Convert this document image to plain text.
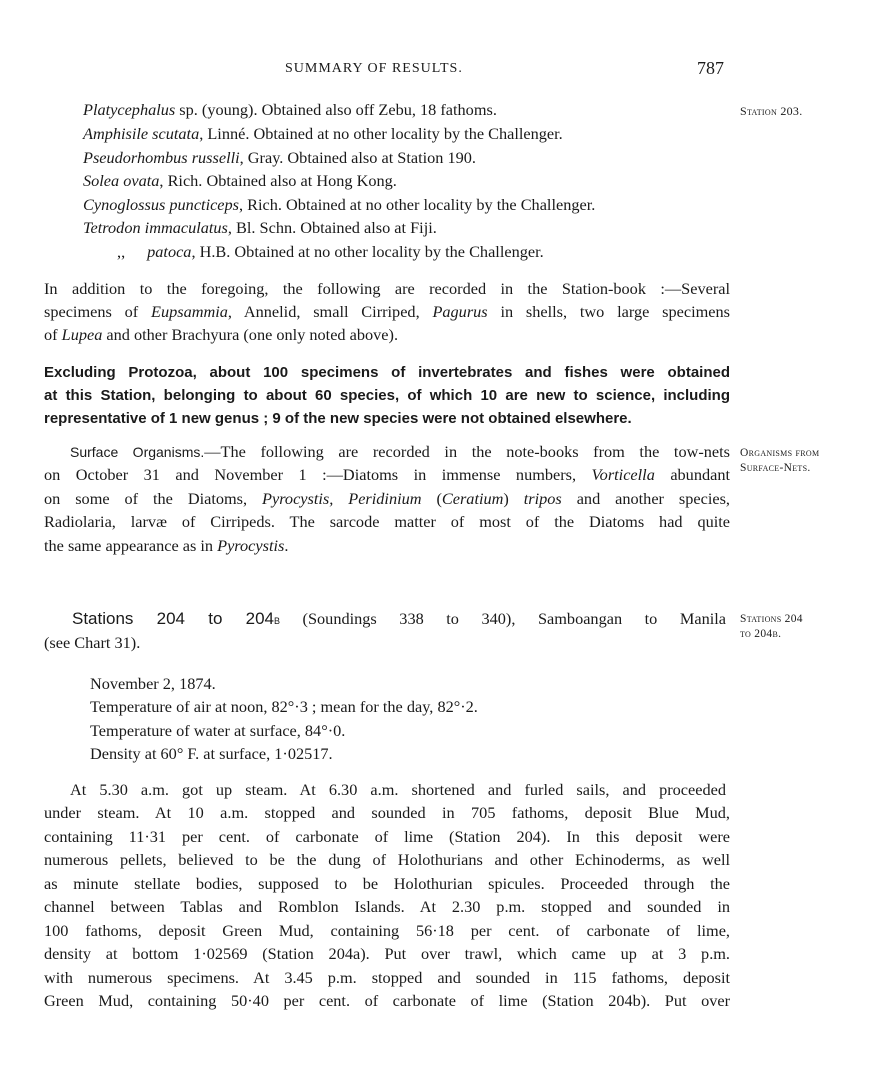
SUMMARY OF RESULTS.	787
Platycephalus sp. (young). Obtained also off Zebu, 18 fathoms.
Amphisile scutata, Linné. Obtained at no other locality by the Challenger.
Pseudorhombus russelli, Gray. Obtained also at Station 190.
Solea ovata, Rich. Obtained also at Hong Kong.
Cynoglossus puncticeps, Rich. Obtained at no other locality by the Challenger.
Tetrodon immaculatus, Bl. Schn. Obtained also at Fiji.
,, patoca, H.B. Obtained at no other locality by the Challenger.
Station 203.
In addition to the foregoing, the following are recorded in the Station-book :—Several
specimens of Eupsammia, Annelid, small Cirriped, Pagurus in shells, two large specimens
of Lupea and other Brachyura (one only noted above).
Excluding Protozoa, about 100 specimens of invertebrates and fishes were obtained
at this Station, belonging to about 60 species, of which 10 are new to science, including
representative of 1 new genus ; 9 of the new species were not obtained elsewhere.
Surface Organisms.—The following are recorded in the note-books from the tow-nets
on October 31 and November 1 :—Diatoms in immense numbers, Vorticella abundant
on some of the Diatoms, Pyrocystis, Peridinium (Ceratium) tripos and another species,
Radiolaria, larvæ of Cirripeds. The sarcode matter of most of the Diatoms had quite
the same appearance as in Pyrocystis.
Organisms from
Surface-Nets.
Stations 204 to 204b (Soundings 338 to 340), Samboangan to Manila
(see Chart 31).
Stations 204
to 204b.
November 2, 1874.
Temperature of air at noon, 82°·3 ; mean for the day, 82°·2.
Temperature of water at surface, 84°·0.
Density at 60° F. at surface, 1·02517.
At 5.30 a.m. got up steam. At 6.30 a.m. shortened and furled sails, and proceeded
under steam. At 10 a.m. stopped and sounded in 705 fathoms, deposit Blue Mud,
containing 11·31 per cent. of carbonate of lime (Station 204). In this deposit were
numerous pellets, believed to be the dung of Holothurians and other Echinoderms, as well
as minute stellate bodies, supposed to be Holothurian spicules. Proceeded through the
channel between Tablas and Romblon Islands. At 2.30 p.m. stopped and sounded in
100 fathoms, deposit Green Mud, containing 56·18 per cent. of carbonate of lime,
density at bottom 1·02569 (Station 204a). Put over trawl, which came up at 3 p.m.
with numerous specimens. At 3.45 p.m. stopped and sounded in 115 fathoms, deposit
Green Mud, containing 50·40 per cent. of carbonate of lime (Station 204b). Put over
